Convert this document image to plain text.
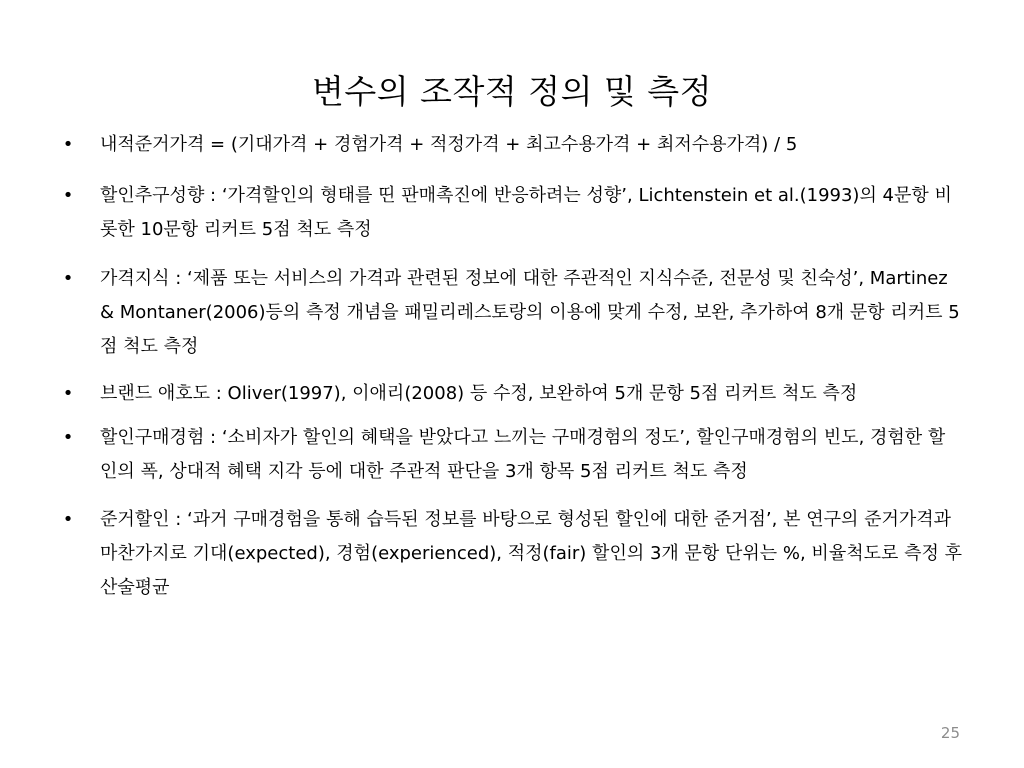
변수의 조작적 정의 및 측정
• 내적준거가격 = (기대가격 + 경험가격 + 적정가격 + 최고수용가격 + 최저수용가격) / 5
• 할인추구성향 : ‘가격할인의 형태를 띤 판매촉진에 반응하려는 성향’, Lichtenstein et al.(1993)의 4문항 비롯한 10문항 리커트 5점 척도 측정
• 가격지식 : ‘제품 또는 서비스의 가격과 관련된 정보에 대한 주관적인 지식수준, 전문성 및 친숙성’, Martinez & Montaner(2006)등의 측정 개념을 패밀리레스토랑의 이용에 맞게 수정, 보완, 추가하여 8개 문항 리커트 5점 척도 측정
• 브랜드 애호도 : Oliver(1997), 이애리(2008) 등 수정, 보완하여 5개 문항 5점 리커트 척도 측정
• 할인구매경험 : ‘소비자가 할인의 혜택을 받았다고 느끼는 구매경험의 정도’, 할인구매경험의 빈도, 경험한 할인의 폭, 상대적 혜택 지각 등에 대한 주관적 판단을 3개 항목 5점 리커트 척도 측정
• 준거할인 : ‘과거 구매경험을 통해 습득된 정보를 바탕으로 형성된 할인에 대한 준거점’, 본 연구의 준거가격과 마찬가지로 기대(expected), 경험(experienced), 적정(fair) 할인의 3개 문항 단위는 %, 비율척도로 측정 후 산술평균
25
